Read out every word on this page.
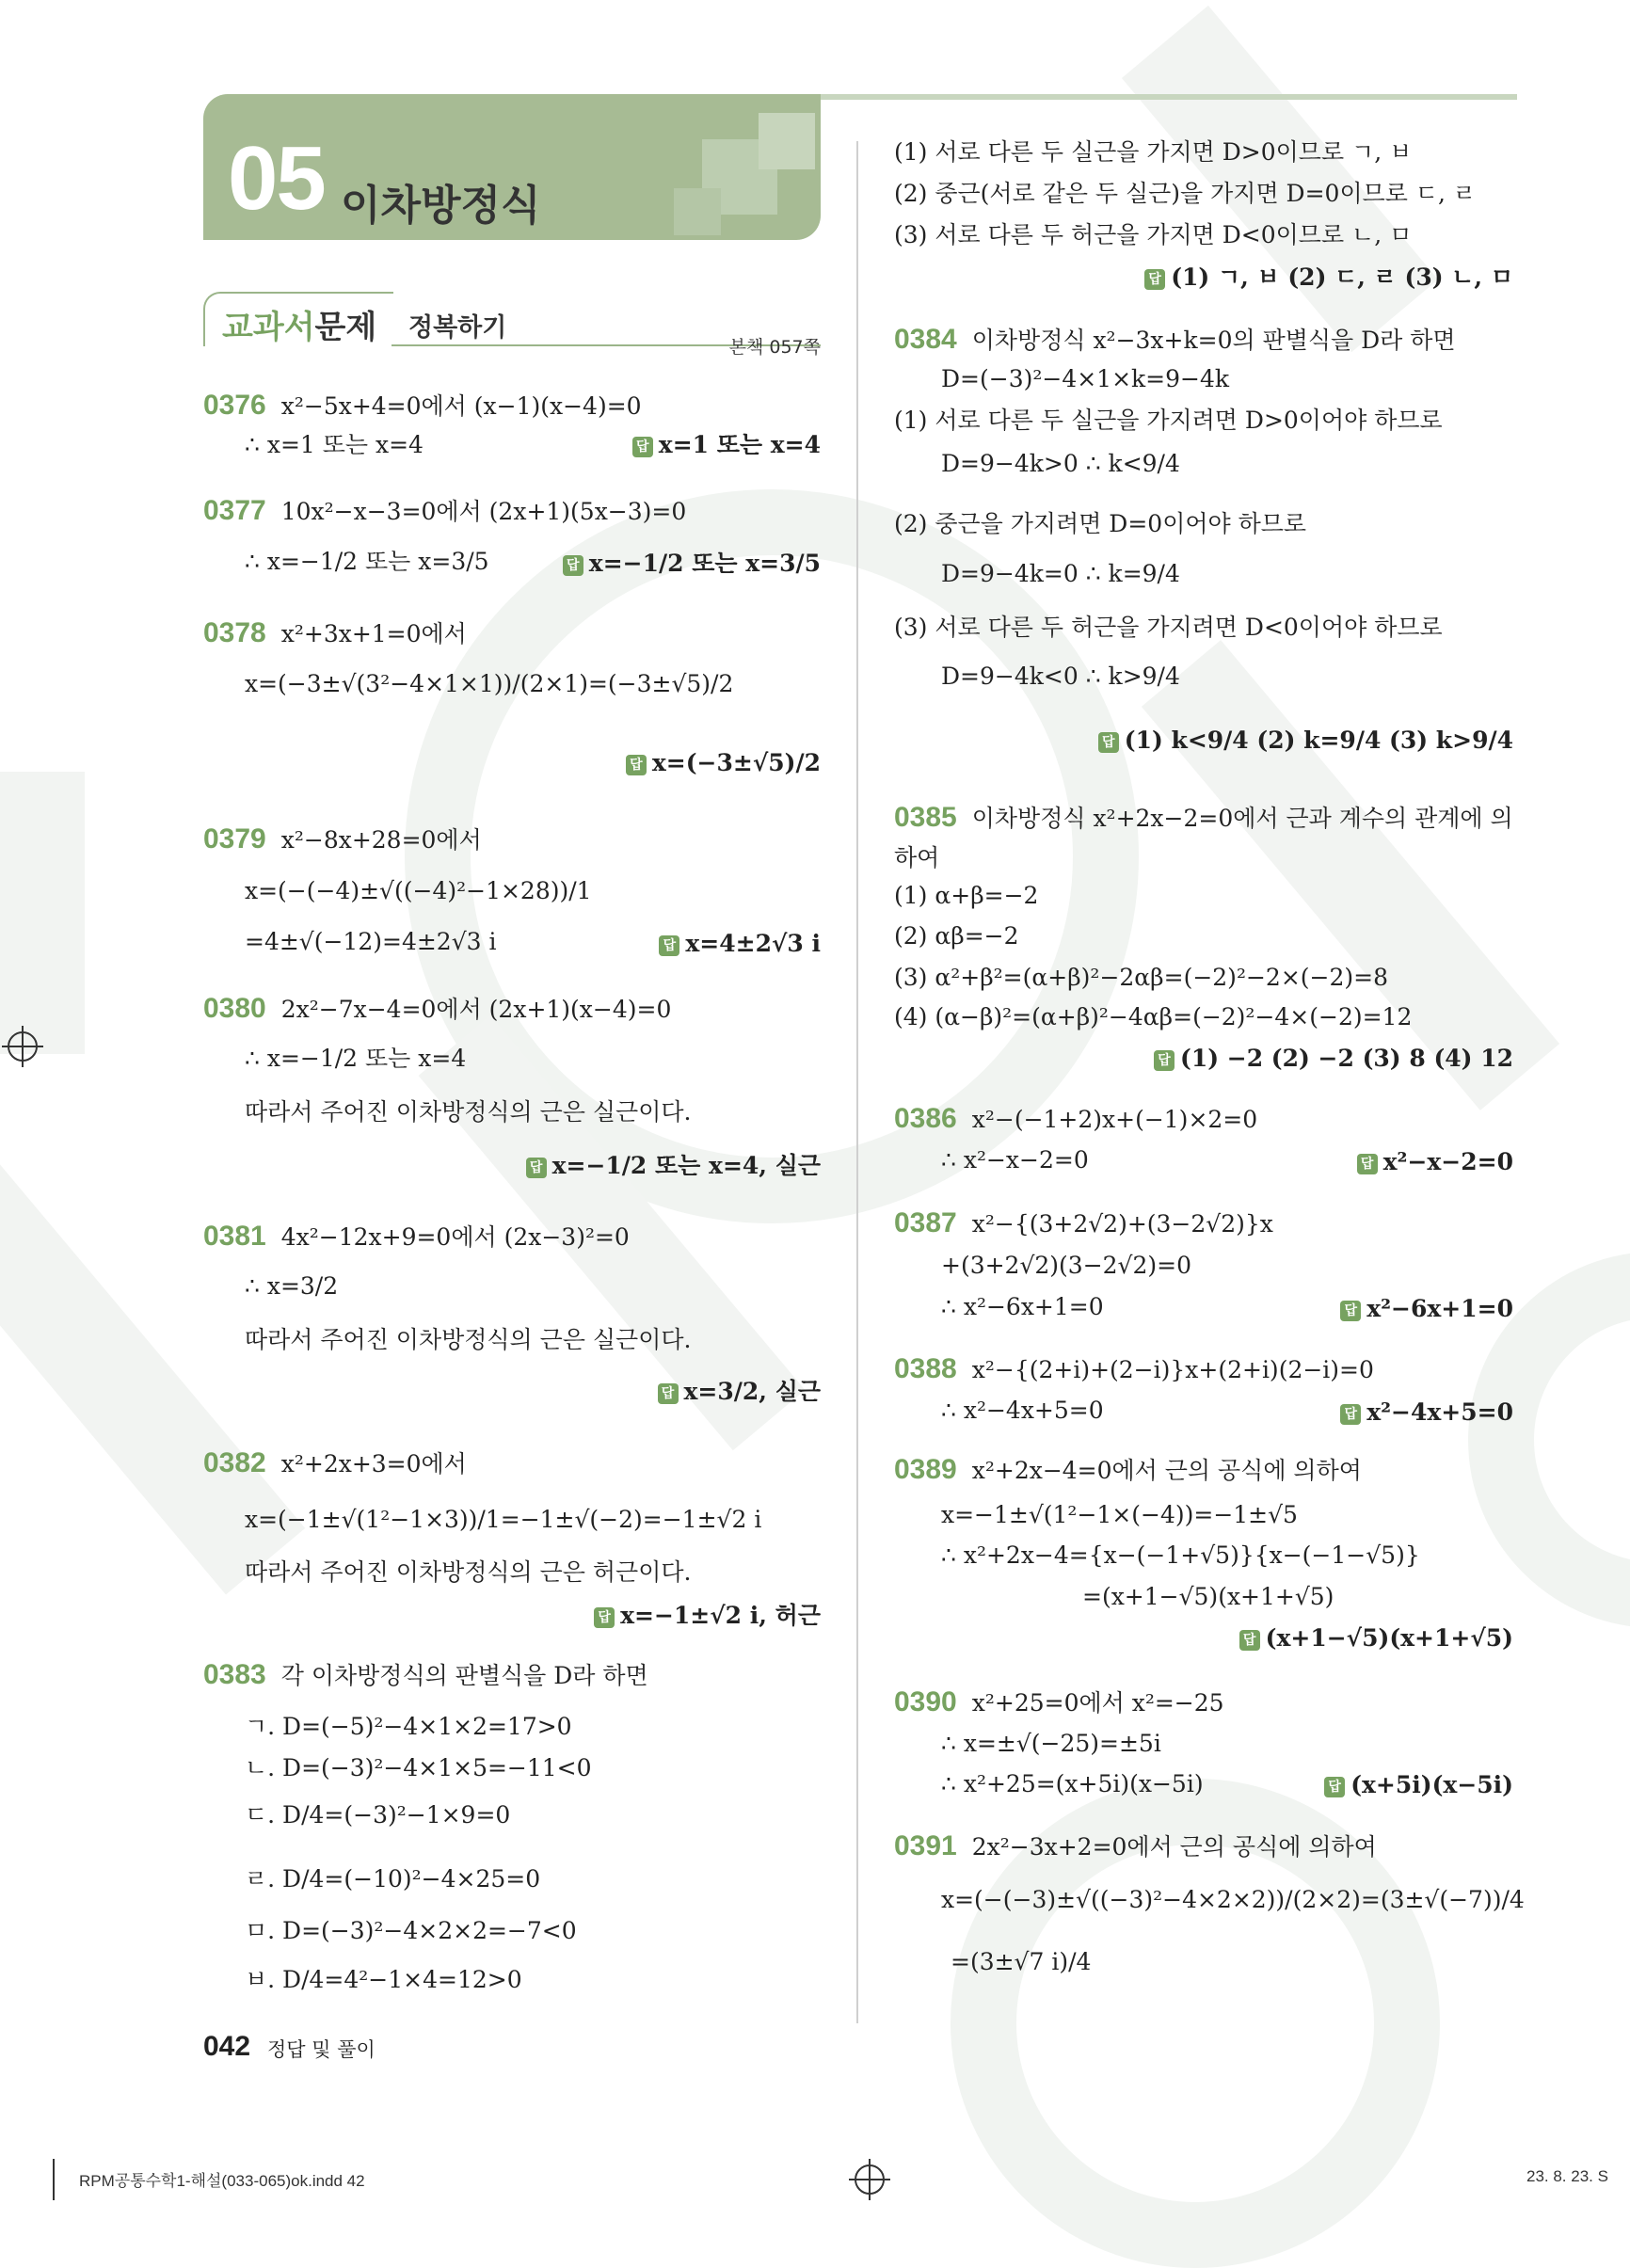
05 이차방정식
교과서문제 정복하기
본책 057쪽
0376 x²−5x+4=0에서 (x−1)(x−4)=0
∴ x=1 또는 x=4
0377 10x²−x−3=0에서 (2x+1)(5x−3)=0
∴ x=−1/2 또는 x=3/5
0378 x²+3x+1=0에서
x=(−3±√(3²−4×1×1))/(2×1)=(−3±√5)/2
0379 x²−8x+28=0에서
x=(−(−4)±√((−4)²−1×28))/1
=4±√(−12)=4±2√3 i
0380 2x²−7x−4=0에서 (2x+1)(x−4)=0
∴ x=−1/2 또는 x=4
따라서 주어진 이차방정식의 근은 실근이다.
0381 4x²−12x+9=0에서 (2x−3)²=0
∴ x=3/2
따라서 주어진 이차방정식의 근은 실근이다.
0382 x²+2x+3=0에서
x=(−1±√(1²−1×3))/1=−1±√(−2)=−1±√2 i
따라서 주어진 이차방정식의 근은 허근이다.
0383 각 이차방정식의 판별식을 D라 하면
ㄱ. D=(−5)²−4×1×2=17>0
ㄴ. D=(−3)²−4×1×5=−11<0
ㄷ. D/4=(−3)²−1×9=0
ㄹ. D/4=(−10)²−4×25=0
ㅁ. D=(−3)²−4×2×2=−7<0
ㅂ. D/4=4²−1×4=12>0
답 x=1 또는 x=4
답 x=−1/2 또는 x=3/5
답 x=(−3±√5)/2
답 x=4±2√3 i
답 x=−1/2 또는 x=4, 실근
답 x=3/2, 실근
답 x=−1±√2 i, 허근
(1) 서로 다른 두 실근을 가지면 D>0이므로 ㄱ, ㅂ
(2) 중근(서로 같은 두 실근)을 가지면 D=0이므로 ㄷ, ㄹ
(3) 서로 다른 두 허근을 가지면 D<0이므로 ㄴ, ㅁ
0384 이차방정식 x²−3x+k=0의 판별식을 D라 하면
D=(−3)²−4×1×k=9−4k
(1) 서로 다른 두 실근을 가지려면 D>0이어야 하므로
D=9−4k>0 ∴ k<9/4
(2) 중근을 가지려면 D=0이어야 하므로
D=9−4k=0 ∴ k=9/4
(3) 서로 다른 두 허근을 가지려면 D<0이어야 하므로
D=9−4k<0 ∴ k>9/4
0385 이차방정식 x²+2x−2=0에서 근과 계수의 관계에 의
하여
(1) α+β=−2
(2) αβ=−2
(3) α²+β²=(α+β)²−2αβ=(−2)²−2×(−2)=8
(4) (α−β)²=(α+β)²−4αβ=(−2)²−4×(−2)=12
0386 x²−(−1+2)x+(−1)×2=0
∴ x²−x−2=0
0387 x²−{(3+2√2)+(3−2√2)}x
+(3+2√2)(3−2√2)=0
∴ x²−6x+1=0
0388 x²−{(2+i)+(2−i)}x+(2+i)(2−i)=0
∴ x²−4x+5=0
0389 x²+2x−4=0에서 근의 공식에 의하여
x=−1±√(1²−1×(−4))=−1±√5
∴ x²+2x−4={x−(−1+√5)}{x−(−1−√5)}
=(x+1−√5)(x+1+√5)
0390 x²+25=0에서 x²=−25
∴ x=±√(−25)=±5i
∴ x²+25=(x+5i)(x−5i)
0391 2x²−3x+2=0에서 근의 공식에 의하여
x=(−(−3)±√((−3)²−4×2×2))/(2×2)=(3±√(−7))/4
=(3±√7 i)/4
답 (1) ㄱ, ㅂ (2) ㄷ, ㄹ (3) ㄴ, ㅁ
답 (1) k<9/4 (2) k=9/4 (3) k>9/4
답 (1) −2 (2) −2 (3) 8 (4) 12
답 x²−x−2=0
답 x²−6x+1=0
답 x²−4x+5=0
답 (x+1−√5)(x+1+√5)
답 (x+5i)(x−5i)
042 정답 및 풀이
RPM공통수학1-해설(033-065)ok.indd 42	23. 8. 23. S
